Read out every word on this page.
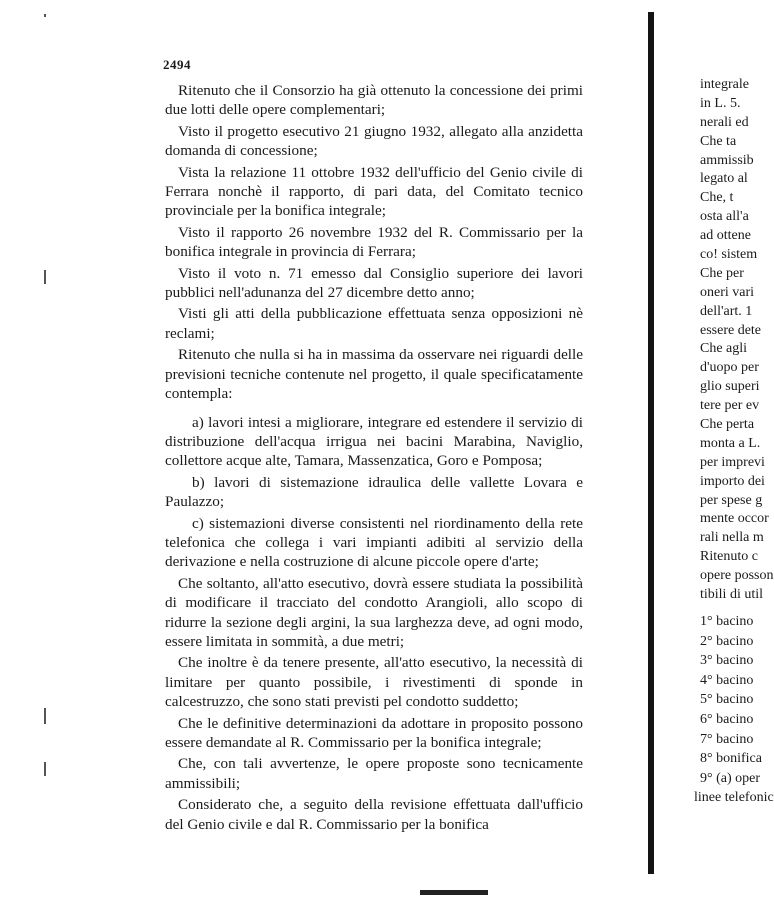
2494

Ritenuto che il Consorzio ha già ottenuto la concessione dei primi due lotti delle opere complementari;

Visto il progetto esecutivo 21 giugno 1932, allegato alla anzidetta domanda di concessione;

Vista la relazione 11 ottobre 1932 dell'ufficio del Genio civile di Ferrara nonchè il rapporto, di pari data, del Comitato tecnico provinciale per la bonifica integrale;

Visto il rapporto 26 novembre 1932 del R. Commissario per la bonifica integrale in provincia di Ferrara;

Visto il voto n. 71 emesso dal Consiglio superiore dei lavori pubblici nell'adunanza del 27 dicembre detto anno;

Visti gli atti della pubblicazione effettuata senza opposizioni nè reclami;

Ritenuto che nulla si ha in massima da osservare nei riguardi delle previsioni tecniche contenute nel progetto, il quale specificatamente contempla:

a) lavori intesi a migliorare, integrare ed estendere il servizio di distribuzione dell'acqua irrigua nei bacini Marabina, Naviglio, collettore acque alte, Tamara, Massenzatica, Goro e Pomposa;

b) lavori di sistemazione idraulica delle vallette Lovara e Paulazzo;

c) sistemazioni diverse consistenti nel riordinamento della rete telefonica che collega i vari impianti adibiti al servizio della derivazione e nella costruzione di alcune piccole opere d'arte;

Che soltanto, all'atto esecutivo, dovrà essere studiata la possibilità di modificare il tracciato del condotto Arangioli, allo scopo di ridurre la sezione degli argini, la sua larghezza deve, ad ogni modo, essere limitata in sommità, a due metri;

Che inoltre è da tenere presente, all'atto esecutivo, la necessità di limitare per quanto possibile, i rivestimenti di sponde in calcestruzzo, che sono stati previsti pel condotto suddetto;

Che le definitive determinazioni da adottare in proposito possono essere demandate al R. Commissario per la bonifica integrale;

Che, con tali avvertenze, le opere proposte sono tecnicamente ammissibili;

Considerato che, a seguito della revisione effettuata dall'ufficio del Genio civile e dal R. Commissario per la bonifica

integrale
in L. 5.
nerali ed
Che ta
ammissib
legato al
Che, t
osta all'a
ad ottene
co! sistem
Che per
oneri vari
dell'art. 1
essere dete
Che agli
d'uopo per
glio superi
tere per ev
Che perta
monta a L.
per imprevi
importo dei
per spese g
mente occor
rali nella m
Ritenuto c
opere posson
tibili di util
1° bacino
2° bacino
3° bacino
4° bacino
5° bacino
6° bacino
7° bacino
8° bonifica
9° (a) oper
linee telefonic
